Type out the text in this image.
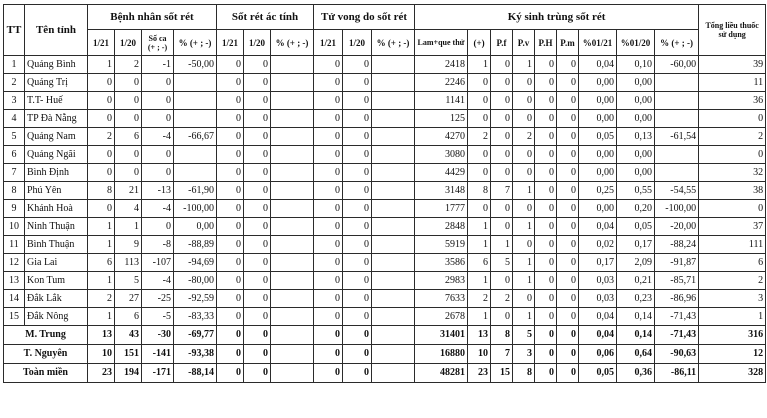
TT	Tên tỉnh	Bệnh nhân sốt rét				Sốt rét ác tính			Tử vong do sốt rét			Ký sinh trùng sốt rét									Tổng liều thuốc sử dụng
		1/21	1/20	Số ca (+ ; -)	% (+ ; -)	1/21	1/20	% (+ ; -)	1/21	1/20	% (+ ; -)	Lam+que thử	(+)	P.f	P.v	P.H	P.m	%01/21	%01/20	% (+ ; -)	
1	Quảng Bình	1	2	-1	-50,00	0	0		0	0		2418	1	0	1	0	0	0,04	0,10	-60,00	39
2	Quảng Trị	0	0	0		0	0		0	0		2246	0	0	0	0	0	0,00	0,00		11
3	T.T- Huế	0	0	0		0	0		0	0		1141	0	0	0	0	0	0,00	0,00		36
4	TP Đà Nẵng	0	0	0		0	0		0	0		125	0	0	0	0	0	0,00	0,00		0
5	Quảng Nam	2	6	-4	-66,67	0	0		0	0		4270	2	0	2	0	0	0,05	0,13	-61,54	2
6	Quảng Ngãi	0	0	0		0	0		0	0		3080	0	0	0	0	0	0,00	0,00		0
7	Bình Định	0	0	0		0	0		0	0		4429	0	0	0	0	0	0,00	0,00		32
8	Phú Yên	8	21	-13	-61,90	0	0		0	0		3148	8	7	1	0	0	0,25	0,55	-54,55	38
9	Khánh Hoà	0	4	-4	-100,00	0	0		0	0		1777	0	0	0	0	0	0,00	0,20	-100,00	0
10	Ninh Thuận	1	1	0	0,00	0	0		0	0		2848	1	0	1	0	0	0,04	0,05	-20,00	37
11	Bình Thuận	1	9	-8	-88,89	0	0		0	0		5919	1	1	0	0	0	0,02	0,17	-88,24	111
12	Gia Lai	6	113	-107	-94,69	0	0		0	0		3586	6	5	1	0	0	0,17	2,09	-91,87	6
13	Kon Tum	1	5	-4	-80,00	0	0		0	0		2983	1	0	1	0	0	0,03	0,21	-85,71	2
14	Đắk Lắk	2	27	-25	-92,59	0	0		0	0		7633	2	2	0	0	0	0,03	0,23	-86,96	3
15	Đắk Nông	1	6	-5	-83,33	0	0		0	0		2678	1	0	1	0	0	0,04	0,14	-71,43	1
M. Trung		13	43	-30	-69,77	0	0		0	0		31401	13	8	5	0	0	0,04	0,14	-71,43	316
T. Nguyên		10	151	-141	-93,38	0	0		0	0		16880	10	7	3	0	0	0,06	0,64	-90,63	12
Toàn miền		23	194	-171	-88,14	0	0		0	0		48281	23	15	8	0	0	0,05	0,36	-86,11	328
